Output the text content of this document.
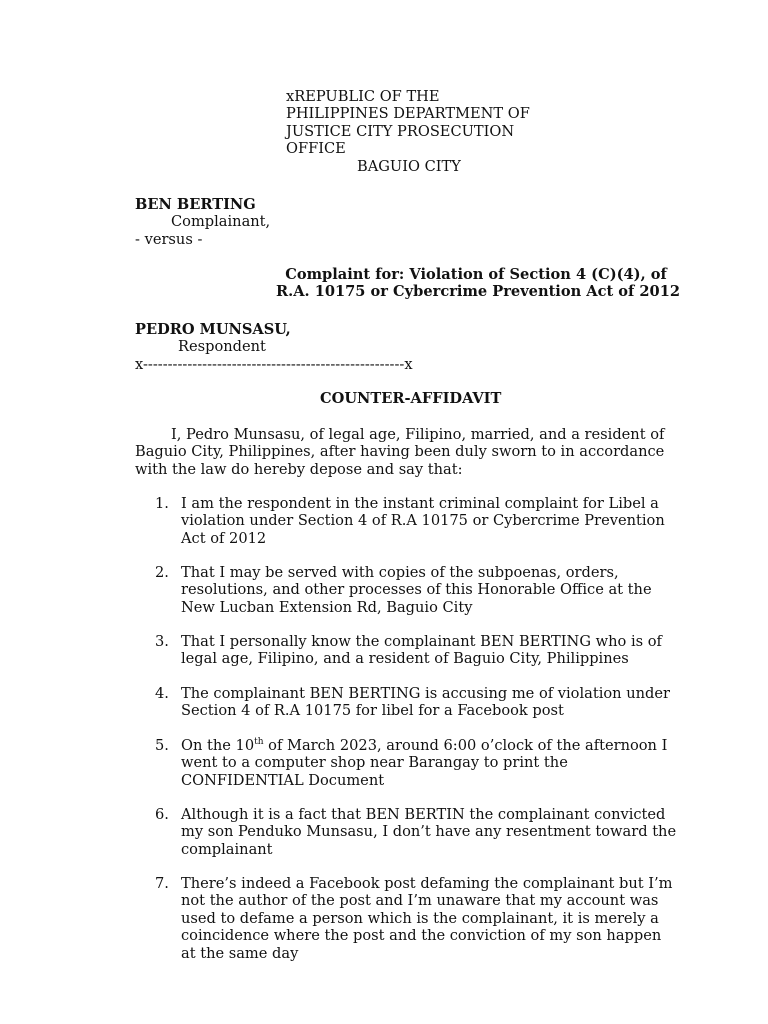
xREPUBLIC OF THE
PHILIPPINES DEPARTMENT OF
JUSTICE CITY PROSECUTION
OFFICE
BAGUIO CITY
BEN BERTING
Complainant,
- versus -
Complaint for: Violation of Section 4 (C)(4), of
R.A. 10175 or Cybercrime Prevention Act of 2012
PEDRO MUNSASU,
Respondent
x-----------------------------------------------------x
COUNTER-AFFIDAVIT
I, Pedro Munsasu, of legal age, Filipino, married, and a resident of
Baguio City, Philippines, after having been duly sworn to in accordance
with the law do hereby depose and say that:
1. I am the respondent in the instant criminal complaint for Libel a
violation under Section 4 of R.A 10175 or Cybercrime Prevention
Act of 2012
2. That I may be served with copies of the subpoenas, orders,
resolutions, and other processes of this Honorable Office at the
New Lucban Extension Rd, Baguio City
3. That I personally know the complainant BEN BERTING who is of
legal age, Filipino, and a resident of Baguio City, Philippines
4. The complainant BEN BERTING is accusing me of violation under
Section 4 of R.A 10175 for libel for a Facebook post
5. On the 10th of March 2023, around 6:00 o’clock of the afternoon I
went to a computer shop near Barangay to print the
CONFIDENTIAL Document
6. Although it is a fact that BEN BERTIN the complainant convicted
my son Penduko Munsasu, I don’t have any resentment toward the
complainant
7. There’s indeed a Facebook post defaming the complainant but I’m
not the author of the post and I’m unaware that my account was
used to defame a person which is the complainant, it is merely a
coincidence where the post and the conviction of my son happen
at the same day
